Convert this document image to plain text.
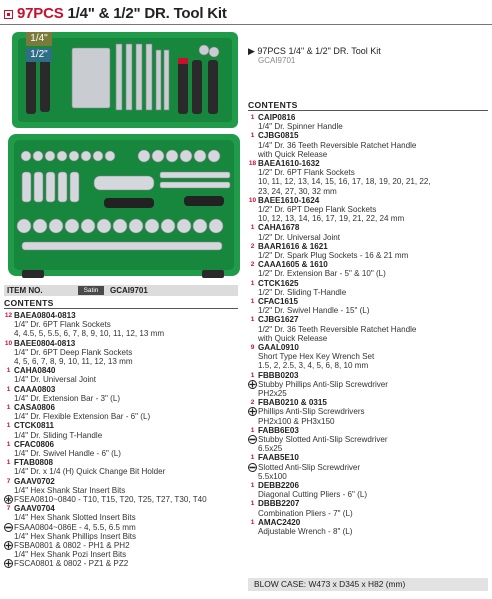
97PCS 1/4" & 1/2" DR. Tool Kit
1/4"
1/2"	▶ 97PCS 1/4" & 1/2" DR. Tool Kit
GCAI9701
ITEM NO.	Satin	GCAI9701
CONTENTS
CONTENTS
12 BAEA0804-0813
1/4" Dr. 6PT Flank Sockets
4, 4.5, 5, 5.5, 6, 7, 8, 9, 10, 11, 12, 13 mm
10 BAEE0804-0813
1/4" Dr. 6PT Deep Flank Sockets
4, 5, 6, 7, 8, 9, 10, 11, 12, 13 mm
1 CAHA0840
1/4" Dr. Universal Joint
1 CAAA0803
1/4" Dr. Extension Bar - 3" (L)
1 CASA0806
1/4" Dr. Flexible Extension Bar - 6" (L)
1 CTCK0811
1/4" Dr. Sliding T-Handle
1 CFAC0806
1/4" Dr. Swivel Handle - 6" (L)
1 FTAB0808
1/4" Dr. x 1/4 (H) Quick Change Bit Holder
7 GAAV0702
1/4" Hex Shank Star Insert Bits
FSEA0810~0840 - T10, T15, T20, T25, T27, T30, T40
7 GAAV0704
1/4" Hex Shank Slotted Insert Bits
FSAA0804~086E - 4, 5.5, 6.5 mm
1/4" Hex Shank Phillips Insert Bits
FSBA0801 & 0802 - PH1 & PH2
1/4" Hex Shank Pozi Insert Bits
FSCA0801 & 0802 - PZ1 & PZ2
1 CAIP0816
1/4" Dr. Spinner Handle
1 CJBG0815
1/4" Dr. 36 Teeth Reversible Ratchet Handle
with Quick Release
18 BAEA1610-1632
1/2" Dr. 6PT Flank Sockets
10, 11, 12, 13, 14, 15, 16, 17, 18, 19, 20, 21, 22,
23, 24, 27, 30, 32 mm
10 BAEE1610-1624
1/2" Dr. 6PT Deep Flank Sockets
10, 12, 13, 14, 16, 17, 19, 21, 22, 24 mm
1 CAHA1678
1/2" Dr. Universal Joint
2 BAAR1616 & 1621
1/2" Dr. Spark Plug Sockets - 16 & 21 mm
2 CAAA1605 & 1610
1/2" Dr. Extension Bar - 5" & 10" (L)
1 CTCK1625
1/2" Dr. Sliding T-Handle
1 CFAC1615
1/2" Dr. Swivel Handle - 15" (L)
1 CJBG1627
1/2" Dr. 36 Teeth Reversible Ratchet Handle
with Quick Release
9 GAAL0910
Short Type Hex Key Wrench Set
1.5, 2, 2.5, 3, 4, 5, 6, 8, 10 mm
1 FBBB0203
Stubby Phillips Anti-Slip Screwdriver
PH2x25
2 FBAB0210 & 0315
Phillips Anti-Slip Screwdrivers
PH2x100 & PH3x150
1 FABB6E03
Stubby Slotted Anti-Slip Screwdriver
6.5x25
1 FAAB5E10
Slotted Anti-Slip Screwdriver
5.5x100
1 DEBB2206
Diagonal Cutting Pliers - 6" (L)
1 DBBB2207
Combination Pliers - 7" (L)
1 AMAC2420
Adjustable Wrench - 8" (L)
BLOW CASE: W473 x D345 x H82 (mm)
